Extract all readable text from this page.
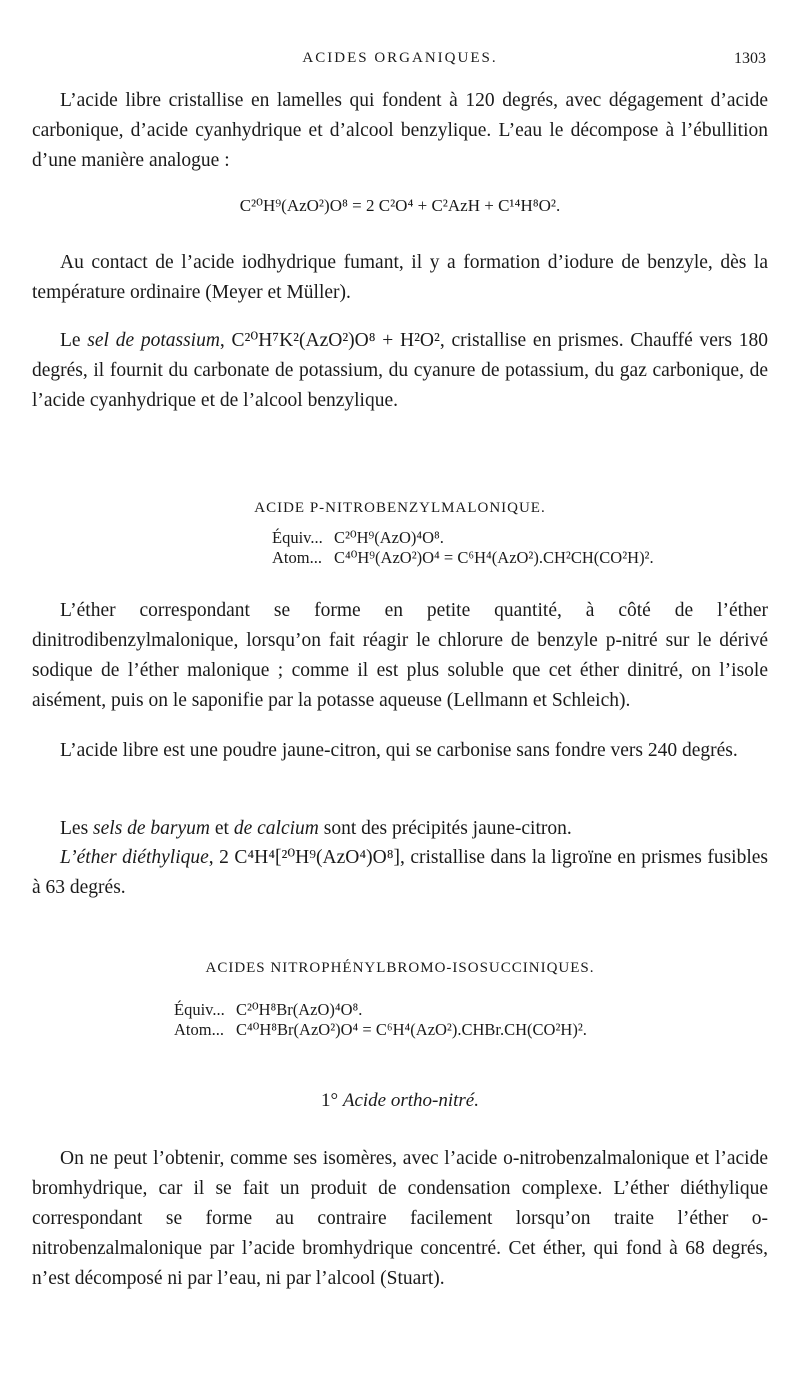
ACIDES ORGANIQUES.	1303

L’acide libre cristallise en lamelles qui fondent à 120 degrés, avec dégagement d’acide carbonique, d’acide cyanhydrique et d’alcool benzylique. L’eau le décompose à l’ébullition d’une manière analogue :

C²⁰H⁹(AzO²)O⁸ = 2 C²O⁴ + C²AzH + C¹⁴H⁸O².

Au contact de l’acide iodhydrique fumant, il y a formation d’iodure de benzyle, dès la température ordinaire (Meyer et Müller).

Le sel de potassium, C²⁰H⁷K²(AzO²)O⁸ + H²O², cristallise en prismes. Chauffé vers 180 degrés, il fournit du carbonate de potassium, du cyanure de potassium, du gaz carbonique, de l’acide cyanhydrique et de l’alcool benzylique.

ACIDE P-NITROBENZYLMALONIQUE.
Équiv... C²⁰H⁹(AzO)⁴O⁸.
Atom... C⁴⁰H⁹(AzO²)O⁴ = C⁶H⁴(AzO²).CH²CH(CO²H)².

L’éther correspondant se forme en petite quantité, à côté de l’éther dinitrodibenzylmalonique, lorsqu’on fait réagir le chlorure de benzyle p-nitré sur le dérivé sodique de l’éther malonique ; comme il est plus soluble que cet éther dinitré, on l’isole aisément, puis on le saponifie par la potasse aqueuse (Lellmann et Schleich).

L’acide libre est une poudre jaune-citron, qui se carbonise sans fondre vers 240 degrés.

Les sels de baryum et de calcium sont des précipités jaune-citron.

L’éther diéthylique, 2 C⁴H⁴[²⁰H⁹(AzO⁴)O⁸], cristallise dans la ligroïne en prismes fusibles à 63 degrés.

ACIDES NITROPHÉNYLBROMO-ISOSUCCINIQUES.
Équiv... C²⁰H⁸Br(AzO)⁴O⁸.
Atom... C⁴⁰H⁸Br(AzO²)O⁴ = C⁶H⁴(AzO²).CHBr.CH(CO²H)².
1° Acide ortho-nitré.

On ne peut l’obtenir, comme ses isomères, avec l’acide o-nitrobenzalmalonique et l’acide bromhydrique, car il se fait un produit de condensation complexe. L’éther diéthylique correspondant se forme au contraire facilement lorsqu’on traite l’éther o-nitrobenzalmalonique par l’acide bromhydrique concentré. Cet éther, qui fond à 68 degrés, n’est décomposé ni par l’eau, ni par l’alcool (Stuart).
